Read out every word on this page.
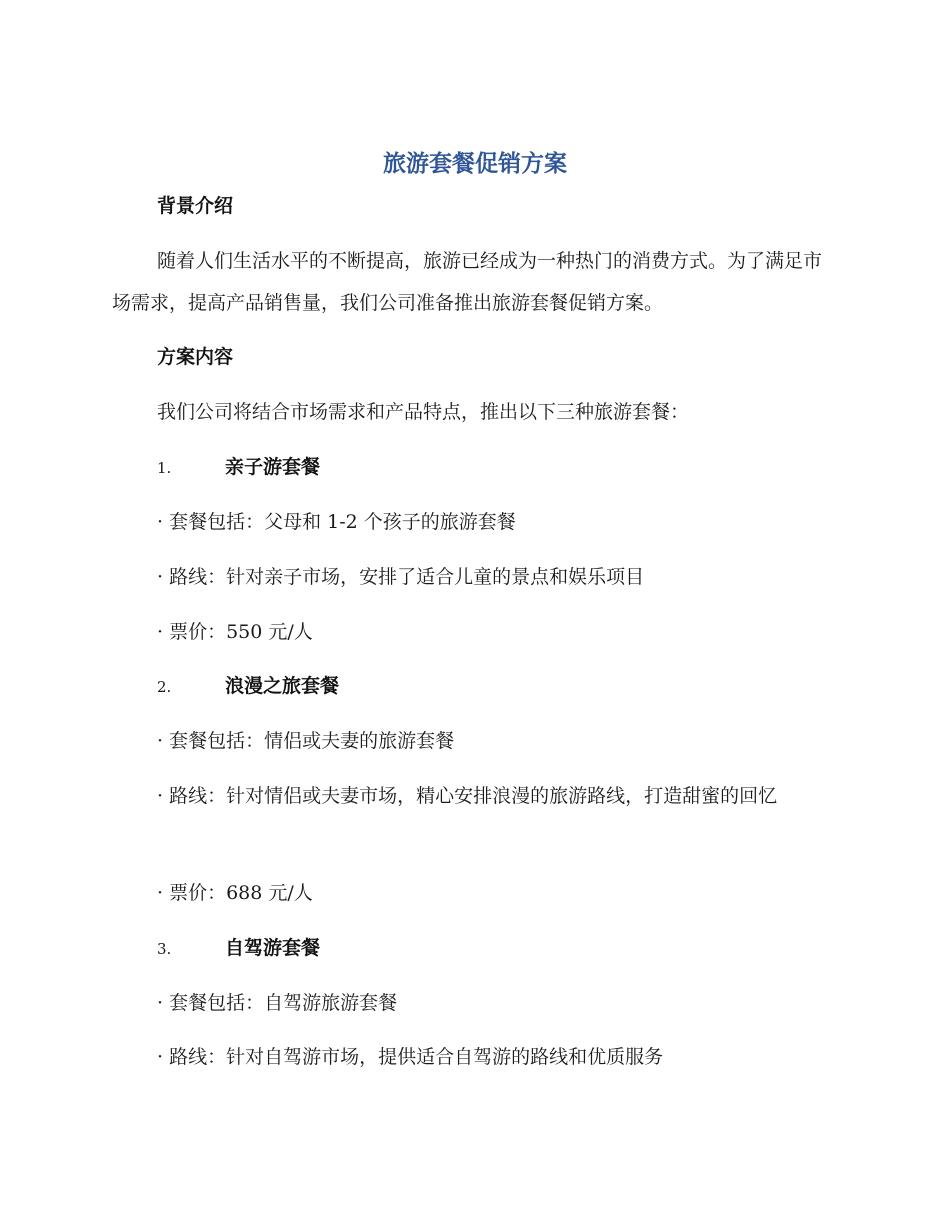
旅游套餐促销方案
背景介绍
随着人们生活水平的不断提高，旅游已经成为一种热门的消费方式。为了满足市场需求，提高产品销售量，我们公司准备推出旅游套餐促销方案。
方案内容
我们公司将结合市场需求和产品特点，推出以下三种旅游套餐：
1.	亲子游套餐
· 套餐包括：父母和 1-2 个孩子的旅游套餐
· 路线：针对亲子市场，安排了适合儿童的景点和娱乐项目
· 票价：550 元/人
2.	浪漫之旅套餐
· 套餐包括：情侣或夫妻的旅游套餐
· 路线：针对情侣或夫妻市场，精心安排浪漫的旅游路线，打造甜蜜的回忆
· 票价：688 元/人
3.	自驾游套餐
· 套餐包括：自驾游旅游套餐
· 路线：针对自驾游市场，提供适合自驾游的路线和优质服务
